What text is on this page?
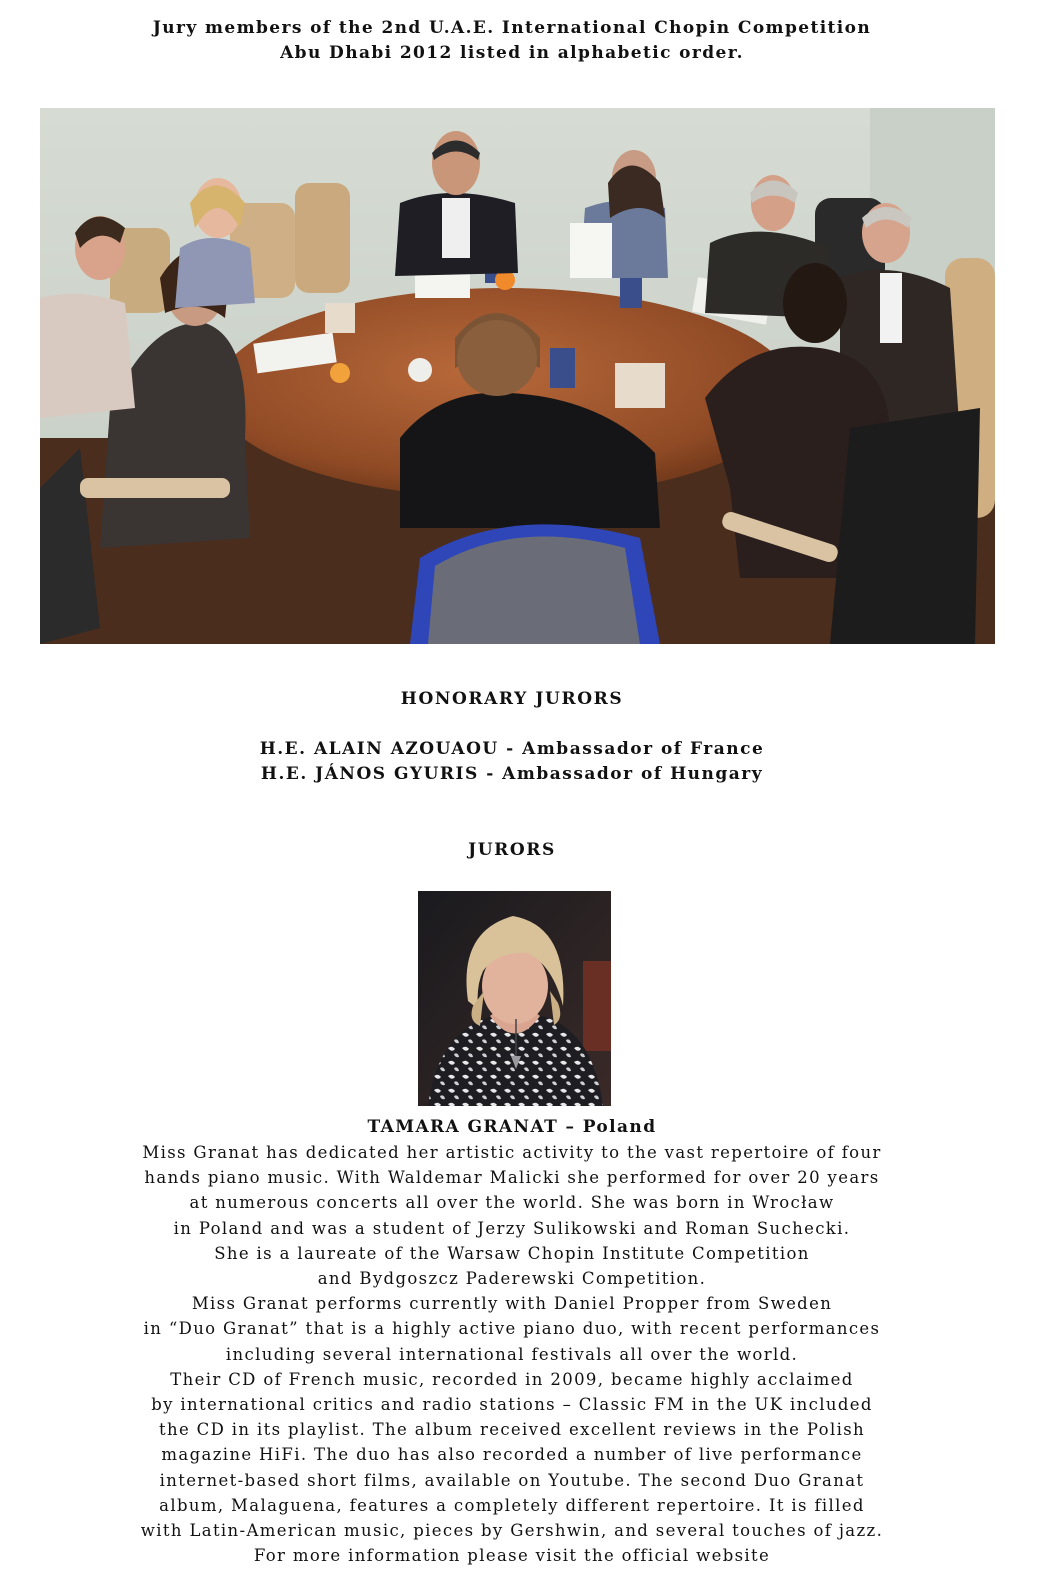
Jury members of the 2nd U.A.E. International Chopin Competition
Abu Dhabi 2012 listed in alphabetic order.
HONORARY JURORS
H.E. ALAIN AZOUAOU - Ambassador of France
H.E. JÁNOS GYURIS - Ambassador of Hungary
JURORS
TAMARA GRANAT – Poland
Miss Granat has dedicated her artistic activity to the vast repertoire of four
hands piano music. With Waldemar Malicki she performed for over 20 years
at numerous concerts all over the world. She was born in Wrocław
in Poland and was a student of Jerzy Sulikowski and Roman Suchecki.
She is a laureate of the Warsaw Chopin Institute Competition
and Bydgoszcz Paderewski Competition.
Miss Granat performs currently with Daniel Propper from Sweden
in “Duo Granat” that is a highly active piano duo, with recent performances
including several international festivals all over the world.
Their CD of French music, recorded in 2009, became highly acclaimed
by international critics and radio stations – Classic FM in the UK included
the CD in its playlist. The album received excellent reviews in the Polish
magazine HiFi. The duo has also recorded a number of live performance
internet-based short films, available on Youtube. The second Duo Granat
album, Malaguena, features a completely different repertoire. It is filled
with Latin-American music, pieces by Gershwin, and several touches of jazz.
For more information please visit the official website
